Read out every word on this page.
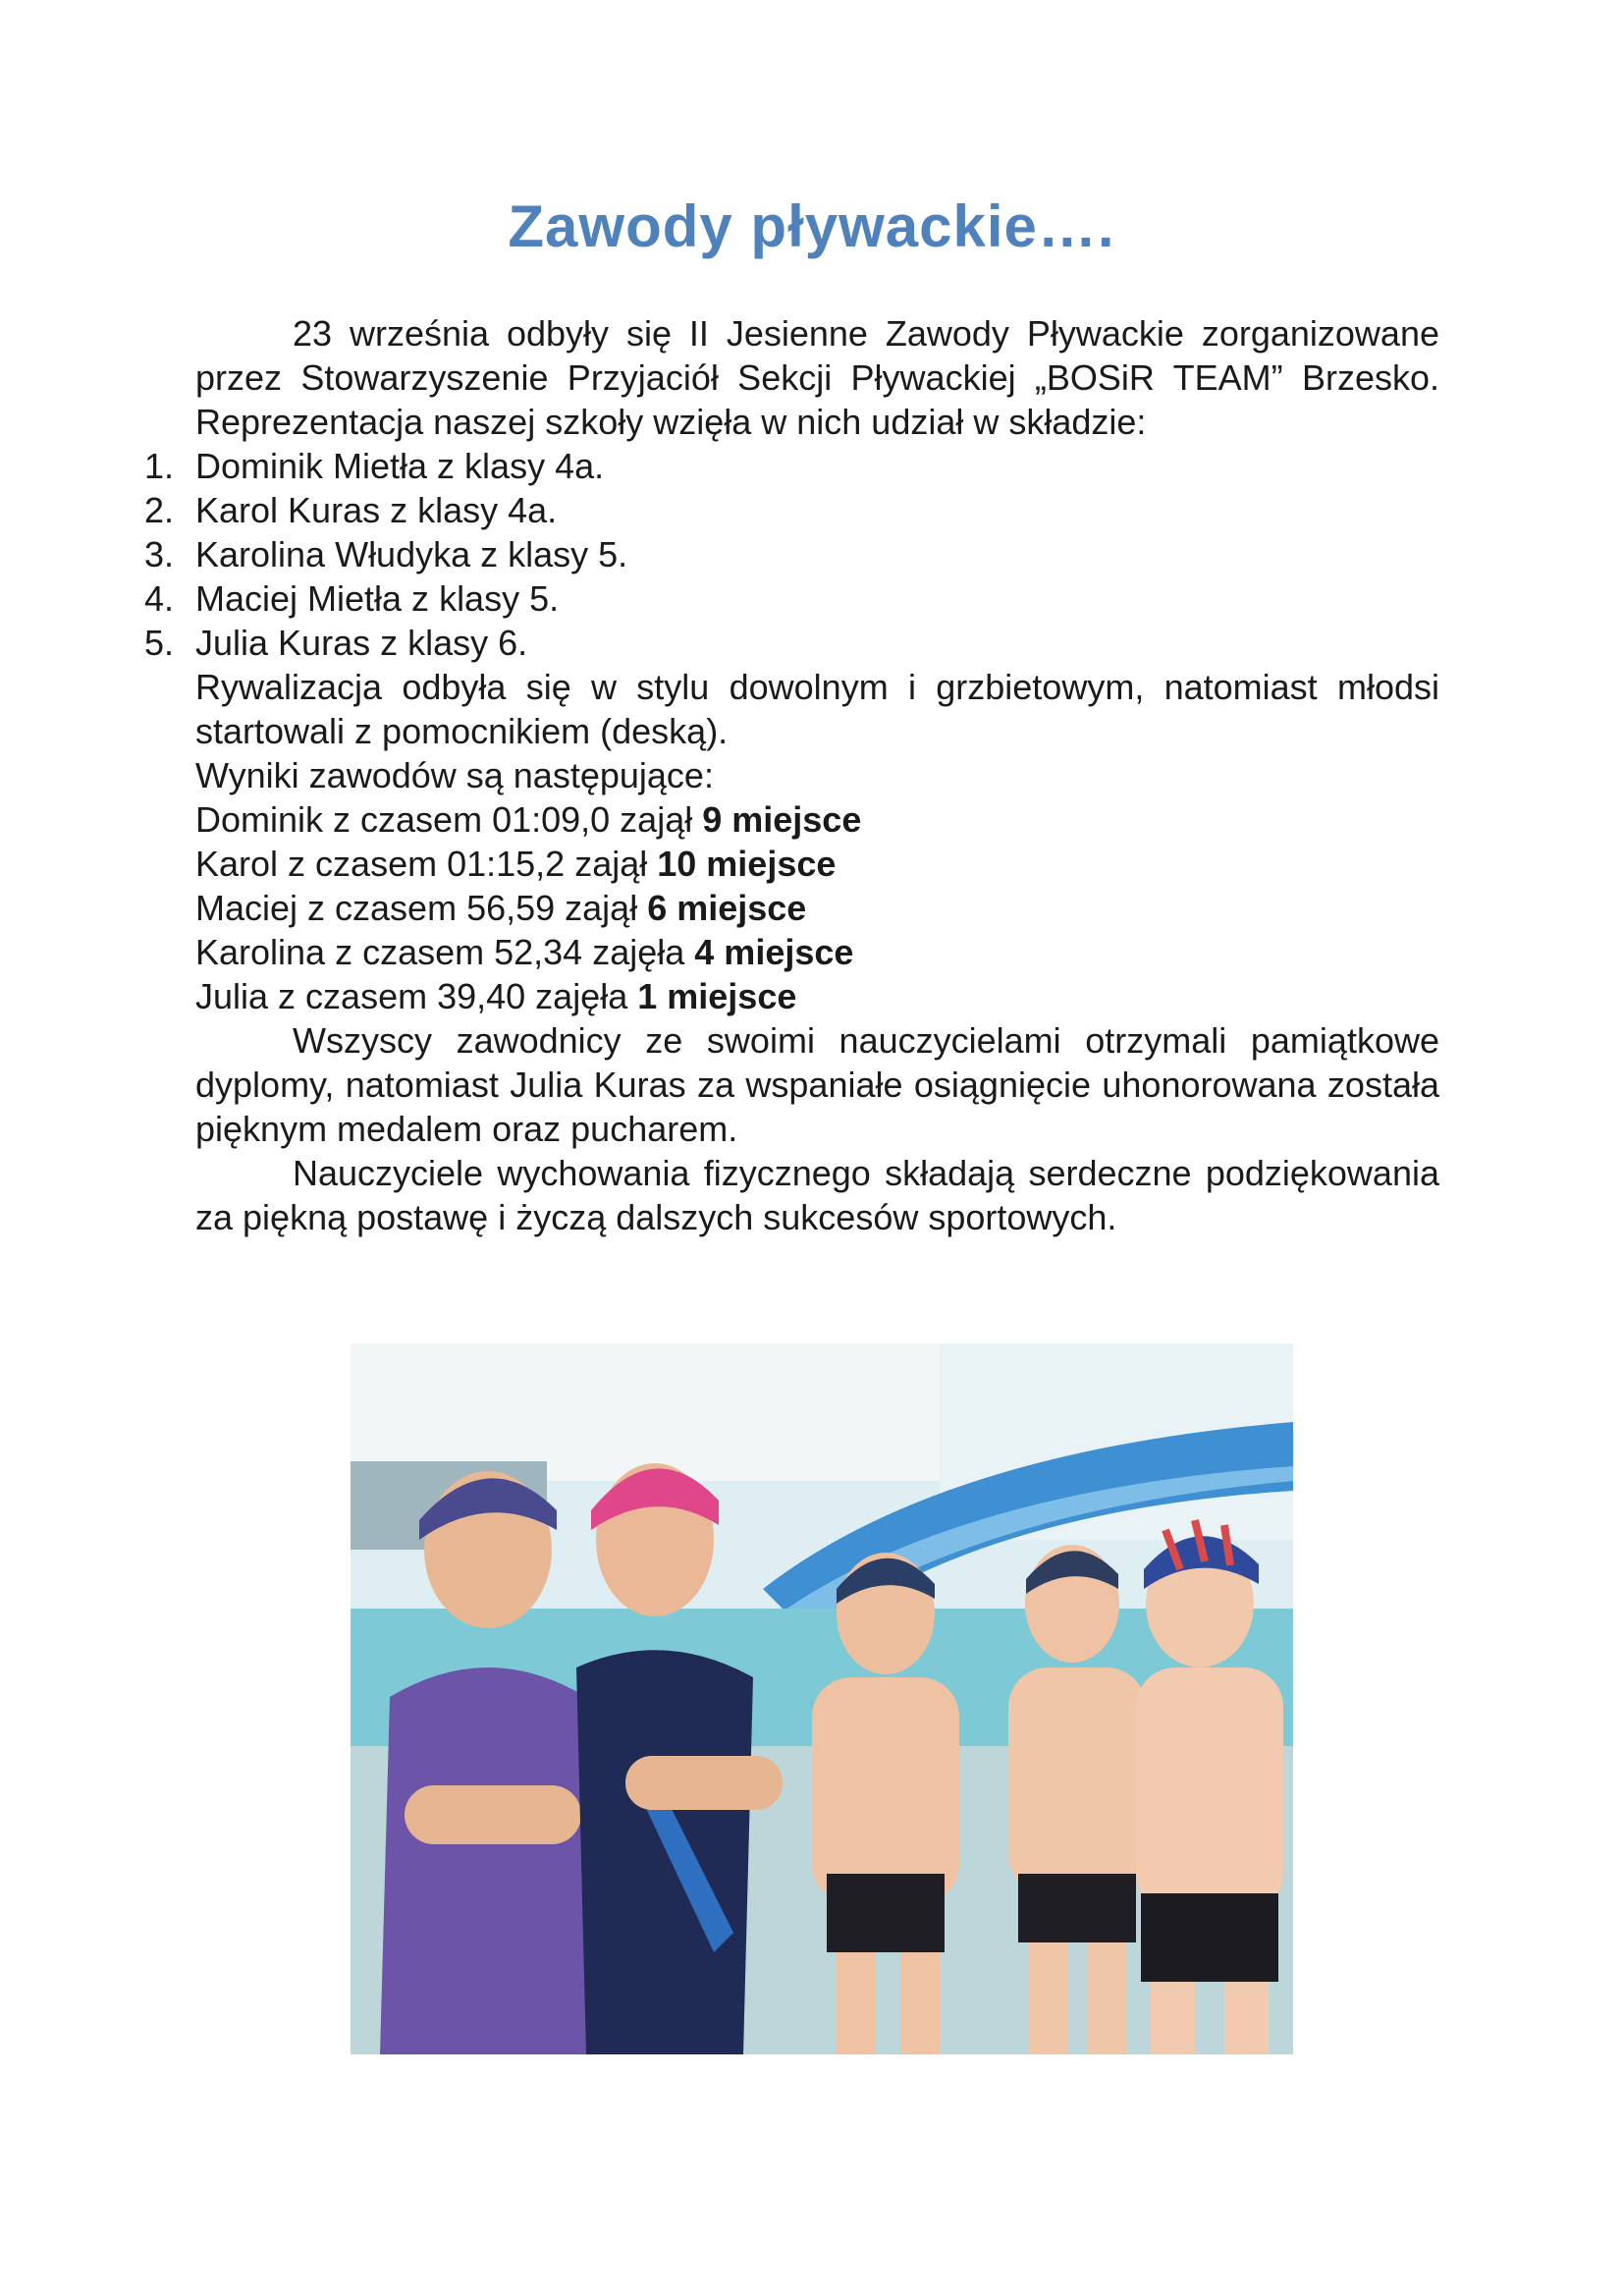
Zawody pływackie….

23 września odbyły się II Jesienne Zawody Pływackie zorganizowane przez Stowarzyszenie Przyjaciół Sekcji Pływackiej „BOSiR TEAM” Brzesko. Reprezentacja naszej szkoły wzięła w nich udział w składzie:

1. Dominik Mietła z klasy 4a.
2. Karol Kuras z klasy 4a.
3. Karolina Włudyka z klasy 5.
4. Maciej Mietła z klasy 5.
5. Julia Kuras z klasy 6.

Rywalizacja odbyła się w stylu dowolnym i grzbietowym, natomiast młodsi startowali z pomocnikiem (deską).

Wyniki zawodów są następujące:

Dominik z czasem 01:09,0 zajął 9 miejsce

Karol z czasem 01:15,2 zajął 10 miejsce

Maciej z czasem 56,59 zajął 6 miejsce

Karolina z czasem 52,34 zajęła 4 miejsce

Julia z czasem 39,40 zajęła 1 miejsce

Wszyscy zawodnicy ze swoimi nauczycielami otrzymali pamiątkowe dyplomy, natomiast Julia Kuras za wspaniałe osiągnięcie uhonorowana została pięknym medalem oraz pucharem.

Nauczyciele wychowania fizycznego składają serdeczne podziękowania za piękną postawę i życzą dalszych sukcesów sportowych.
